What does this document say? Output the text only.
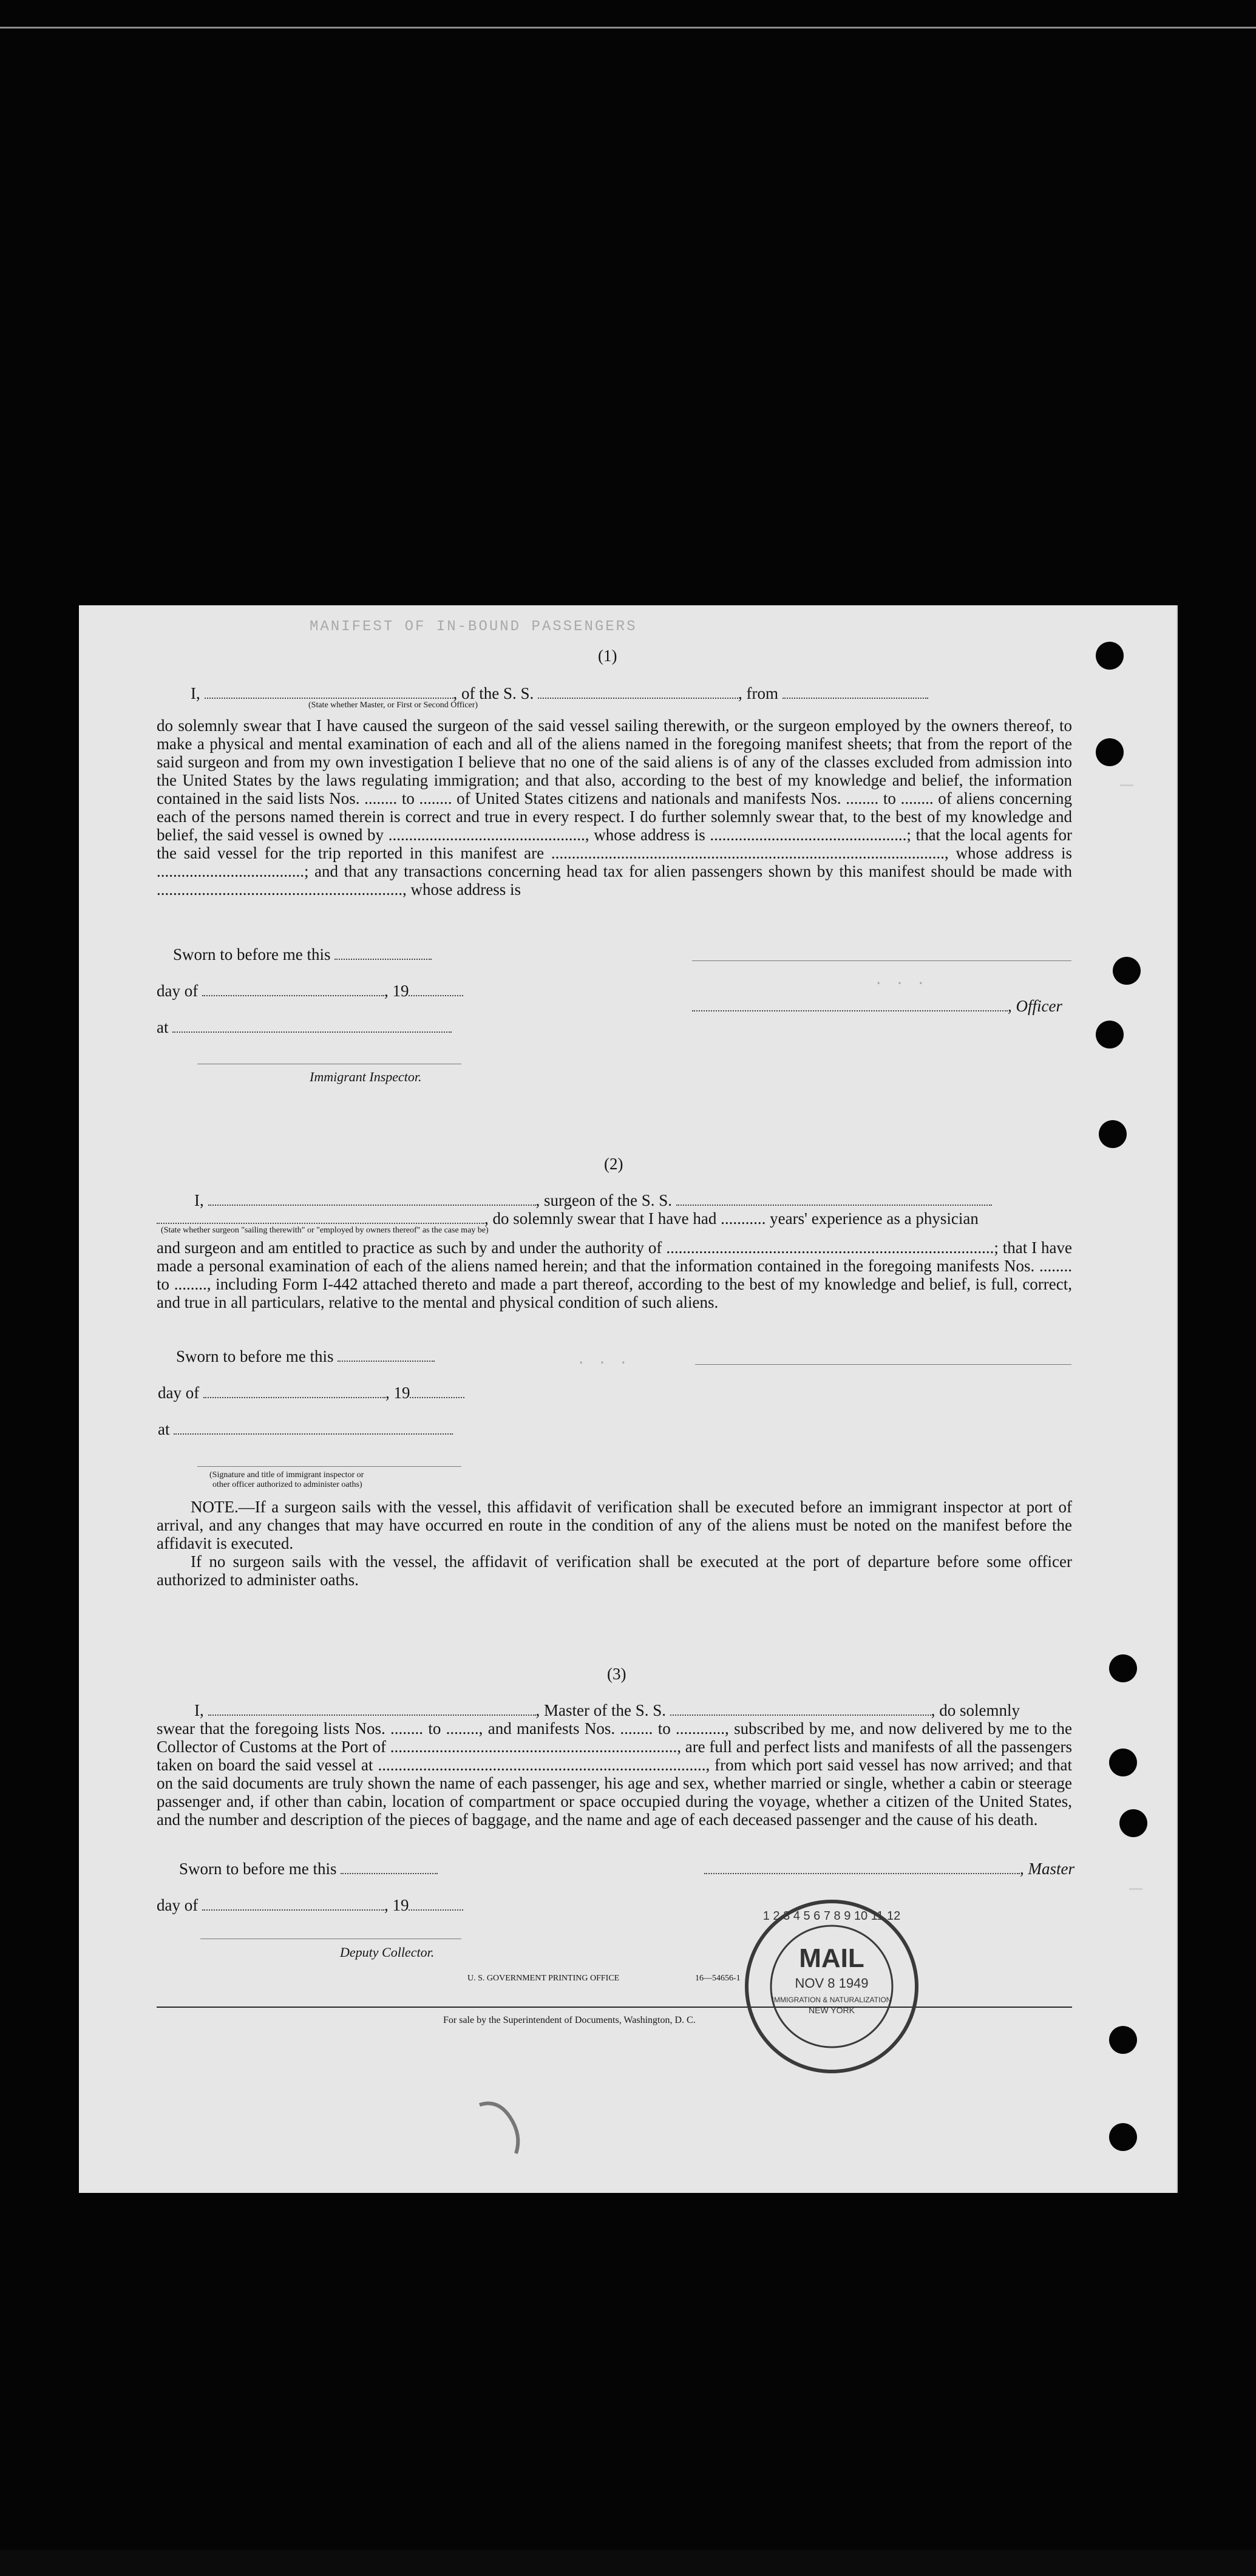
MANIFEST OF IN-BOUND PASSENGERS
· · ·
· · ·
(1)
I,	, of the S. S.	, from
(State whether Master, or First or Second Officer)
do solemnly swear that I have caused the surgeon of the said vessel sailing therewith, or the surgeon employed by the owners thereof, to make a physical and mental examination of each and all of the aliens named in the foregoing manifest sheets; that from the report of the said surgeon and from my own investigation I believe that no one of the said aliens is of any of the classes excluded from admission into the United States by the laws regulating immigration; and that also, according to the best of my knowledge and belief, the information contained in the said lists Nos. ........ to ........ of United States citizens and nationals and manifests Nos. ........ to ........ of aliens concerning each of the persons named therein is correct and true in every respect. I do further solemnly swear that, to the best of my knowledge and belief, the said vessel is owned by ................................................, whose address is ................................................; that the local agents for the said vessel for the trip reported in this manifest are ................................................................................................, whose address is ....................................; and that any transactions concerning head tax for alien passengers shown by this manifest should be made with ............................................................, whose address is
Sworn to before me this
day of	, 19
, Officer
at
Immigrant Inspector.
(2)
I,	, surgeon of the S. S.
, do solemnly swear that I have had ........... years' experience as a physician
(State whether surgeon "sailing therewith" or "employed by owners thereof" as the case may be)
and surgeon and am entitled to practice as such by and under the authority of ................................................................................; that I have made a personal examination of each of the aliens named herein; and that the information contained in the foregoing manifests Nos. ........ to ........, including Form I-442 attached thereto and made a part thereof, according to the best of my knowledge and belief, is full, correct, and true in all particulars, relative to the mental and physical condition of such aliens.
Sworn to before me this
day of	, 19
at
(Signature and title of immigrant inspector or
other officer authorized to administer oaths)
NOTE.—If a surgeon sails with the vessel, this affidavit of verification shall be executed before an immigrant inspector at port of arrival, and any changes that may have occurred en route in the condition of any of the aliens must be noted on the manifest before the affidavit is executed.
If no surgeon sails with the vessel, the affidavit of verification shall be executed at the port of departure before some officer authorized to administer oaths.
(3)
I,	, Master of the S. S.	, do solemnly
swear that the foregoing lists Nos. ........ to ........, and manifests Nos. ........ to ............, subscribed by me, and now delivered by me to the Collector of Customs at the Port of ......................................................................, are full and perfect lists and manifests of all the passengers taken on board the said vessel at ................................................................................, from which port said vessel has now arrived; and that on the said documents are truly shown the name of each passenger, his age and sex, whether married or single, whether a cabin or steerage passenger and, if other than cabin, location of compartment or space occupied during the voyage, whether a citizen of the United States, and the number and description of the pieces of baggage, and the name and age of each deceased passenger and the cause of his death.
Sworn to before me this	, Master
day of	, 19
Deputy Collector.
U. S. GOVERNMENT PRINTING OFFICE	16—54656-1
For sale by the Superintendent of Documents, Washington, D. C.
MAIL
NOV 8 1949
IMMIGRATION & NATURALIZATION
NEW YORK
1 2 3 4 5 6 7 8 9 10 11 12
